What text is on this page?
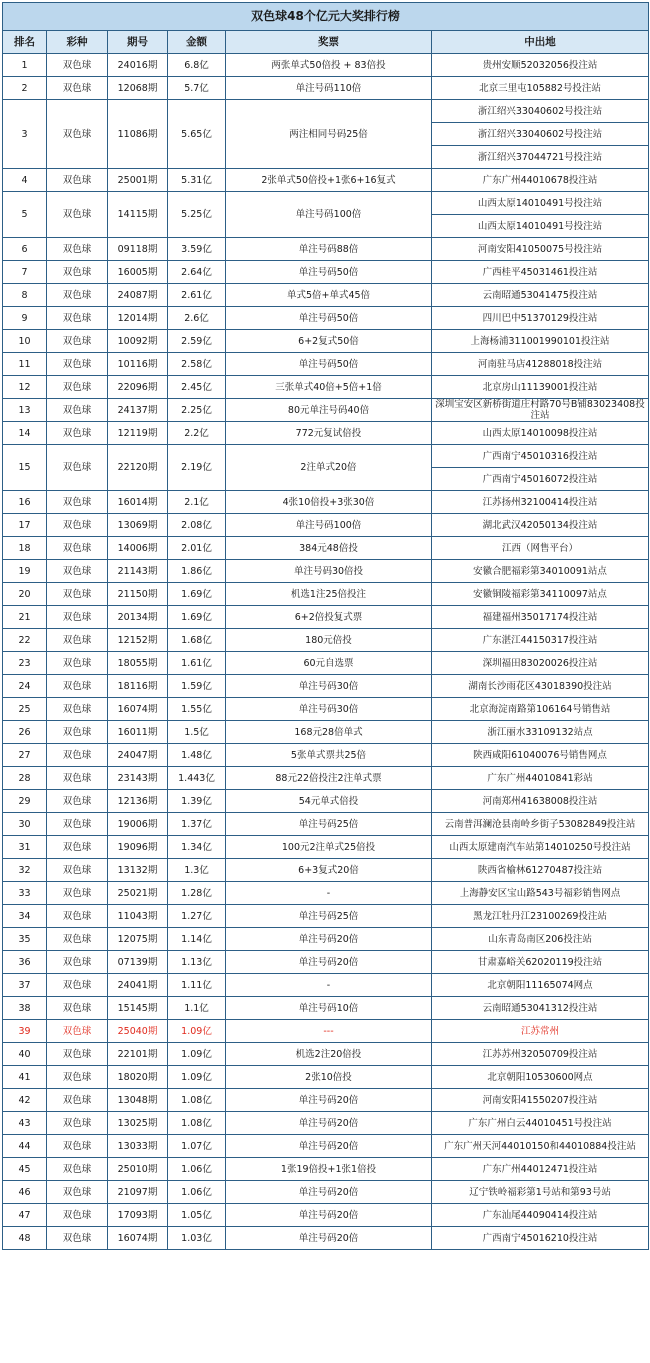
双色球48个亿元大奖排行榜					
排名	彩种	期号	金额	奖票	中出地
1	双色球	24016期	6.8亿	两张单式50倍投 + 83倍投	贵州安顺52032056投注站
2	双色球	12068期	5.7亿	单注号码110倍	北京三里屯105882号投注站
3	双色球	11086期	5.65亿	两注相同号码25倍	浙江绍兴33040602号投注站
					浙江绍兴33040602号投注站
					浙江绍兴37044721号投注站
4	双色球	25001期	5.31亿	2张单式50倍投+1张6+16复式	广东广州44010678投注站
5	双色球	14115期	5.25亿	单注号码100倍	山西太原14010491号投注站
					山西太原14010491号投注站
6	双色球	09118期	3.59亿	单注号码88倍	河南安阳41050075号投注站
7	双色球	16005期	2.64亿	单注号码50倍	广西桂平45031461投注站
8	双色球	24087期	2.61亿	单式5倍+单式45倍	云南昭通53041475投注站
9	双色球	12014期	2.6亿	单注号码50倍	四川巴中51370129投注站
10	双色球	10092期	2.59亿	6+2复式50倍	上海杨浦31100199010​1投注站
11	双色球	10116期	2.58亿	单注号码50倍	河南驻马店41288018投注站
12	双色球	22096期	2.45亿	三张单式40倍+5倍+1倍	北京房山11139001投注站
13	双色球	24137期	2.25亿	80元单注号码40倍	深圳宝安区新桥街道庄村路70号B铺83023408投注站
14	双色球	12119期	2.2亿	772元复试倍投	山西太原14010098投注站
15	双色球	22120期	2.19亿	2注单式20倍	广西南宁45010316投注站
					广西南宁45016072投注站
16	双色球	16014期	2.1亿	4张10倍投+3张30倍	江苏扬州32100414投注站
17	双色球	13069期	2.08亿	单注号码100倍	湖北武汉42050134投注站
18	双色球	14006期	2.01亿	384元48倍投	江西（网售平台）
19	双色球	21143期	1.86亿	单注号码30倍投	安徽合肥福彩第34010091站点
20	双色球	21150期	1.69亿	机选1注25倍投注	安徽铜陵福彩第34110097站点
21	双色球	20134期	1.69亿	6+2倍投复式票	福建福州35017174投注站
22	双色球	12152期	1.68亿	180元倍投	广东湛江44150317投注站
23	双色球	18055期	1.61亿	60元自选票	深圳福田83020026投注站
24	双色球	18116期	1.59亿	单注号码30倍	湖南长沙雨花区43018390投注站
25	双色球	16074期	1.55亿	单注号码30倍	北京海淀南路第106164号销售站
26	双色球	16011期	1.5亿	168元28倍单式	浙江丽水33109132站点
27	双色球	24047期	1.48亿	5张单式票共25倍	陕西咸阳61040076号销售网点
28	双色球	23143期	1.443亿	88元22倍投注2注单式票	广东广州44010841彩站
29	双色球	12136期	1.39亿	54元单式倍投	河南郑州41638008投注站
30	双色球	19006期	1.37亿	单注号码25倍	云南普洱澜沧县南岭乡街子53082849投注站
31	双色球	19096期	1.34亿	100元2注单式25倍投	山西太原建南汽车站第14010250号投注站
32	双色球	13132期	1.3亿	6+3复式20倍	陕西省榆林61270487投注站
33	双色球	25021期	1.28亿	-	上海静安区宝山路543号福彩销售网点
34	双色球	11043期	1.27亿	单注号码25倍	黑龙江牡丹江23100269投注站
35	双色球	12075期	1.14亿	单注号码20倍	山东青岛南区206投注站
36	双色球	07139期	1.13亿	单注号码20倍	甘肃嘉峪关62020119投注站
37	双色球	24041期	1.11亿	-	北京朝阳11165074网点
38	双色球	15145期	1.1亿	单注号码10倍	云南昭通53041312投注站
39	双色球	25040期	1.09亿	---	江苏常州
40	双色球	22101期	1.09亿	机选2注20倍投	江苏苏州32050709投注站
41	双色球	18020期	1.09亿	2张10倍投	北京朝阳10530600网点
42	双色球	13048期	1.08亿	单注号码20倍	河南安阳41550207投注站
43	双色球	13025期	1.08亿	单注号码20倍	广东广州白云44010451号投注站
44	双色球	13033期	1.07亿	单注号码20倍	广东广州天河44010150和44010884投注站
45	双色球	25010期	1.06亿	1张19倍投+1张1倍投	广东广州44012471投注站
46	双色球	21097期	1.06亿	单注号码20倍	辽宁铁岭福彩第1号站和第93号站
47	双色球	17093期	1.05亿	单注号码20倍	广东汕尾44090414投注站
48	双色球	16074期	1.03亿	单注号码20倍	广西南宁45016210投注站
